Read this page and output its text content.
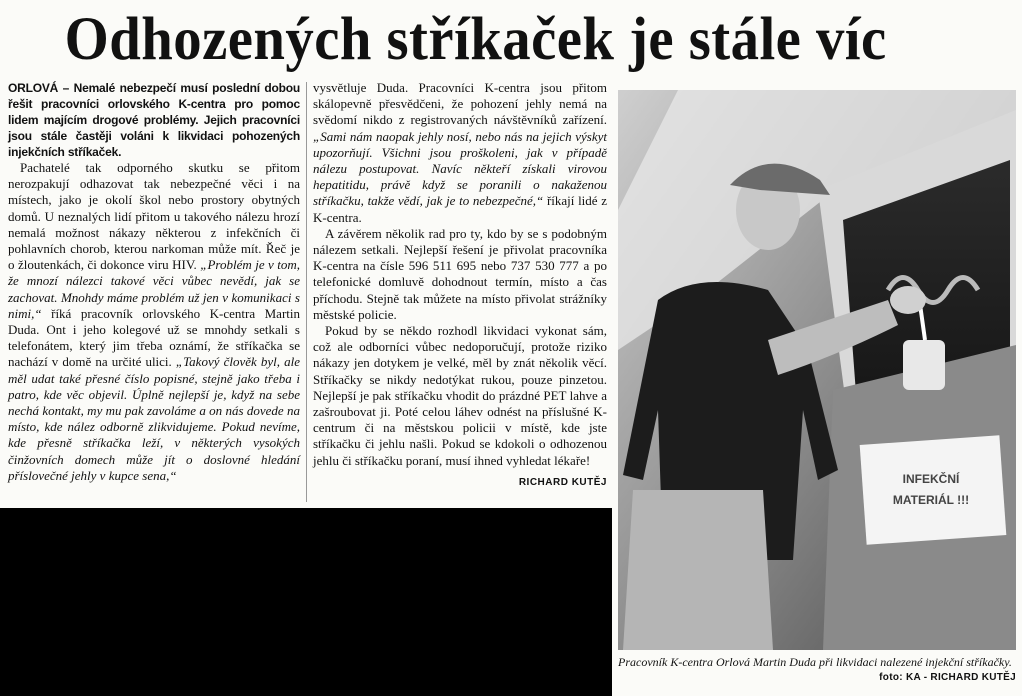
Odhozených stříkaček je stále víc

ORLOVÁ – Nemalé nebezpečí musí poslední dobou řešit pracovníci orlovského K-centra pro pomoc lidem majícím drogové problémy. Jejich pracovníci jsou stále častěji voláni k likvidaci pohozených injekčních stříkaček.

Pachatelé tak odporného skutku se přitom nerozpakují odhazovat tak nebezpečné věci i na místech, jako je okolí škol nebo prostory obytných domů. U neznalých lidí přitom u takového nálezu hrozí nemalá možnost nákazy některou z infekčních či pohlavních chorob, kterou narkoman může mít. Řeč je o žloutenkách, či dokonce viru HIV. „Problém je v tom, že mnozí nálezci takové věci vůbec nevědí, jak se zachovat. Mnohdy máme problém už jen v komunikaci s nimi,“ říká pracovník orlovského K-centra Martin Duda. Ont i jeho kolegové už se mnohdy setkali s telefonátem, který jim třeba oznámí, že stříkačka se nachází v domě na určité ulici. „Takový člověk byl, ale měl udat také přesné číslo popisné, stejně jako třeba i patro, kde věc objevil. Úplně nejlepší je, když na sebe nechá kontakt, my mu pak zavoláme a on nás dovede na místo, kde nález odborně zlikvidujeme. Pokud nevíme, kde přesně stříkačka leží, v některých vysokých činžovních domech může jít o doslovné hledání příslovečné jehly v kupce sena,“

vysvětluje Duda. Pracovníci K-centra jsou přitom skálopevně přesvědčeni, že pohození jehly nemá na svědomí nikdo z registrovaných návštěvníků zařízení. „Sami nám naopak jehly nosí, nebo nás na jejich výskyt upozorňují. Všichni jsou proškoleni, jak v případě nálezu postupovat. Navíc někteří získali virovou hepatitidu, právě když se poranili o nakaženou stříkačku, takže vědí, jak je to nebezpečné,“ říkají lidé z K-centra.

A závěrem několik rad pro ty, kdo by se s podobným nálezem setkali. Nejlepší řešení je přivolat pracovníka K-centra na čísle 596 511 695 nebo 737 530 777 a po telefonické domluvě dohodnout termín, místo a čas příchodu. Stejně tak můžete na místo přivolat strážníky městské policie.

Pokud by se někdo rozhodl likvidaci vykonat sám, což ale odborníci vůbec nedoporučují, protože riziko nákazy jen dotykem je velké, měl by znát několik věcí. Stříkačky se nikdy nedotýkat rukou, pouze pinzetou. Nejlepší je pak stříkačku vhodit do prázdné PET lahve a zašroubovat ji. Poté celou láhev odnést na příslušné K-centrum či na městskou policii v místě, kde jste stříkačku či jehlu našli. Pokud se kdokoli o odhozenou jehlu či stříkačku poraní, musí ihned vyhledat lékaře!

RICHARD KUTĚJ	INFEKČNÍ
MATERIÁL !!!
Pracovník K-centra Orlová Martin Duda při likvidaci nalezené injekční stříkačky.
foto: KA - RICHARD KUTĚJ
